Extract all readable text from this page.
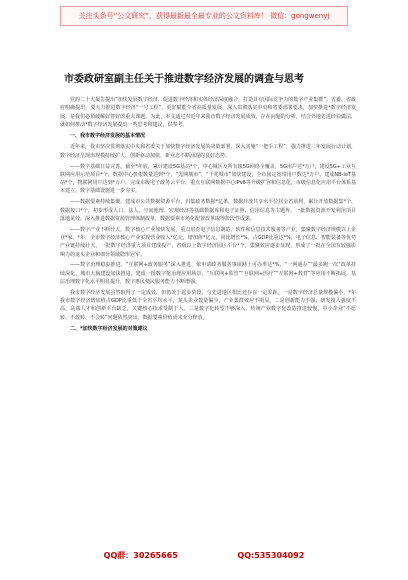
关注头条号“公文研究”，获得最新最全最专业的公文资料库！ 微信：gongwenyj
市委政研室副主任关于推进数字经济发展的调查与思考

党的二十大报告提出“加快发展数字经济，促进数字经济和实体经济深度融合，打造具有国际竞争力的数字产业集群”。省委、省政府明确提出，要大力推进数字经济“一号工程”，更好赋能全省高质量发展。深入贯彻落实中央和省委部署要求，加快推进*数字经济发展，是我们必须破解好答好的重大课题。为此，本文通过对近年来我市数字经济发展成效、存在问题的分析，结合外地先进经验做法，就如何推动*数字经济发展提出一些思考和建议，供参考。

一、我市数字经济发展的基本情况

近年来，我市坚决贯彻落实中央和省委关于加快数字经济发展的决策部署，深入实施“一把手工程”，强力推进三年发展行动计划，数字经济呈现出规模持续扩大、创新驱动加快、新业态不断涌现的良好态势。

——数字基础日益完善。截至*年底，累计建设5G基站*个，中心城区及所有镇5G网络全覆盖，5G用户达*万户，建设5G+工业互联网应用示范项目*个，数据中心机架数量达到*个，“光网城市”、“千兆城市”加快建设，全市固定宽带用户数达*万户。建成NB-IoT基站*个，物联网用户达到*万户，完成市级电子政务云平台，重点互联网数据中心IPv6等升级扩容和信息化，市级信息化应用平台体系基本建立，数字基础设施进一步夯实。

——数据要素持续集聚。建成市公共数据资源平台，归集政务数据*亿条，数据开放共享水平位居全省前列，累计开放数据集*个、数据接口*个，初步形成人口、法人、空间地理、宏观经济等基础数据库和电子证照、信用信息等主题库，一批数据资源开发利用项目落地见效。深入推进数据资源管理体制改革，数据要素市场化配置改革取得阶段性成果。

——数字产业不断壮大。数字核心产业加快发展，重点培育电子信息制造、软件和信息技术服务等产业，集聚数字经济规模以上企业*家。*年，全市数字经济核心产业实现营业收入*亿元，增加值*亿元，同比增长*%，占GDP比重达*%，电子信息、智能装备等优势产业链持续壮大，一批数字经济重大项目建成投产，省级以上数字经济园区平台*个，集聚效应逐步显现，形成了一批在全国有较强影响力的龙头企业和细分领域隐形冠军。

——数字治理稳步推进。“互联网+政务服务”深入推进，依申请政务服务事项网上可办率达*%，“一网通办”“最多跑一次”改革持续深化。城市大脑建设加快推进，建成一批数字化治理应用场景，“互联网+监管”“互联网+医疗”“互联网+教育”等应用不断拓展，基层治理数字化水平明显提升，数字惠民便民服务能力不断增强。

我市数字经济发展虽然取得了一定成效，但仍处于起步阶段，与先进地区相比还存在一定差距。一是数字经济总量规模偏小。*年我市数字经济增加值占GDP比重低于全省平均水平，龙头企业数量偏少，产业集群效应不明显。二是创新能力不强。研发投入强度不高，高端人才和创新平台缺乏，关键核心技术受制于人。三是数字化转型不够深入。传统产业数字化改造推进较慢，中小企业“不愿转、不敢转、不会转”问题依然突出，数据要素价值尚未充分释放。

二、*加快数字经济发展的对策建议
QQ群：30265665	QQ:535304092
